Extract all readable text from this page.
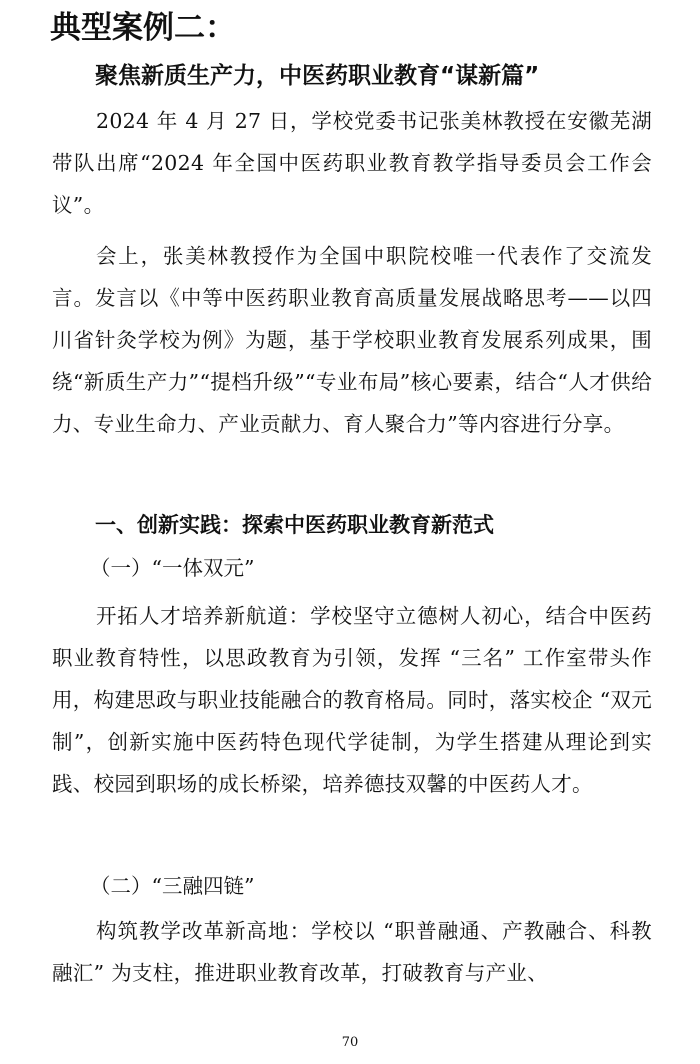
典型案例二：
聚焦新质生产力，中医药职业教育“谋新篇”

2024 年 4 月 27 日，学校党委书记张美林教授在安徽芜湖带队出席“2024 年全国中医药职业教育教学指导委员会工作会议”。

会上，张美林教授作为全国中职院校唯一代表作了交流发言。发言以《中等中医药职业教育高质量发展战略思考——以四川省针灸学校为例》为题，基于学校职业教育发展系列成果，围绕“新质生产力”“提档升级”“专业布局”核心要素，结合“人才供给力、专业生命力、产业贡献力、育人聚合力”等内容进行分享。

一、创新实践：探索中医药职业教育新范式
（一）“一体双元”

开拓人才培养新航道：学校坚守立德树人初心，结合中医药职业教育特性，以思政教育为引领，发挥 “三名” 工作室带头作用，构建思政与职业技能融合的教育格局。同时，落实校企 “双元制”，创新实施中医药特色现代学徒制，为学生搭建从理论到实践、校园到职场的成长桥梁，培养德技双馨的中医药人才。

（二）“三融四链”

构筑教学改革新高地：学校以 “职普融通、产教融合、科教融汇” 为支柱，推进职业教育改革，打破教育与产业、

70
